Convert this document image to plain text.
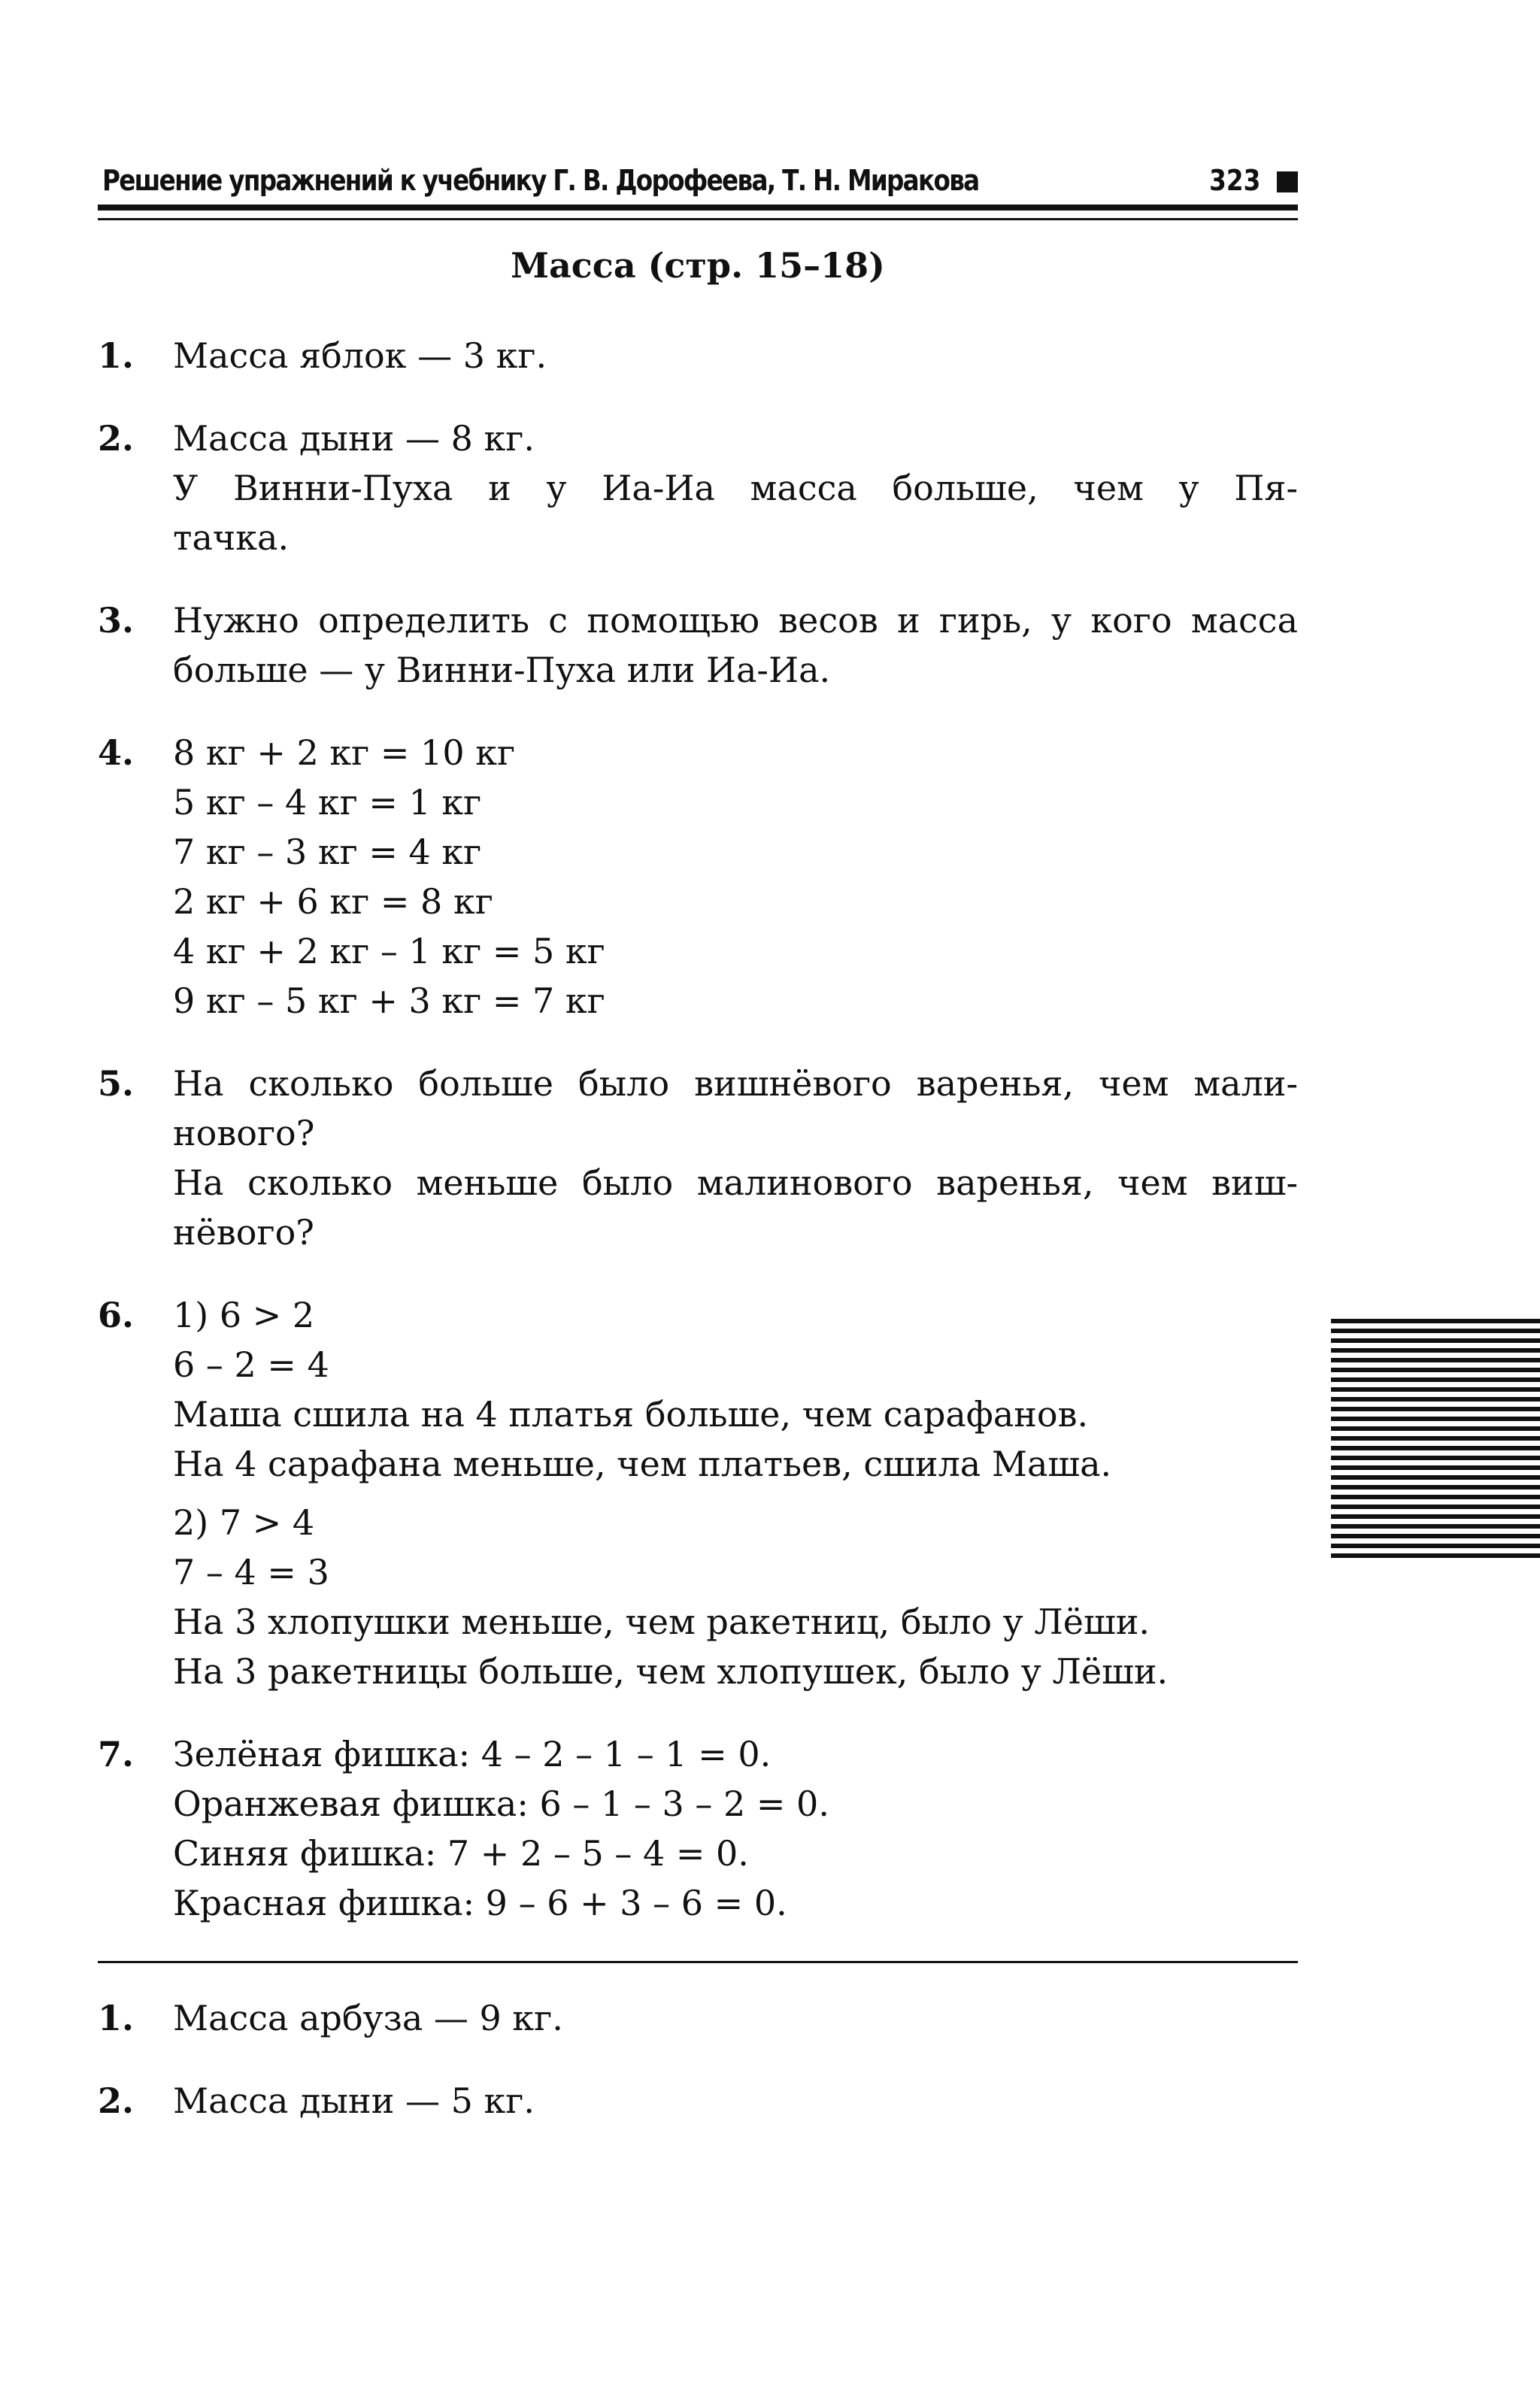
Решение упражнений к учебнику Г. В. Дорофеева, Т. Н. Миракова	323
Масса (стр. 15–18)
1. Масса яблок — 3 кг.
2. Масса дыни — 8 кг.
У Винни-Пуха и у Иа-Иа масса больше, чем у Пя-
тачка.
3. Нужно определить с помощью весов и гирь, у кого масса
больше — у Винни-Пуха или Иа-Иа.
4. 8 кг + 2 кг = 10 кг
5 кг – 4 кг = 1 кг
7 кг – 3 кг = 4 кг
2 кг + 6 кг = 8 кг
4 кг + 2 кг – 1 кг = 5 кг
9 кг – 5 кг + 3 кг = 7 кг
5. На сколько больше было вишнёвого варенья, чем мали-
нового?
На сколько меньше было малинового варенья, чем виш-
нёвого?
6. 1) 6 > 2
6 – 2 = 4
Маша сшила на 4 платья больше, чем сарафанов.
На 4 сарафана меньше, чем платьев, сшила Маша.
2) 7 > 4
7 – 4 = 3
На 3 хлопушки меньше, чем ракетниц, было у Лёши.
На 3 ракетницы больше, чем хлопушек, было у Лёши.
7. Зелёная фишка: 4 – 2 – 1 – 1 = 0.
Оранжевая фишка: 6 – 1 – 3 – 2 = 0.
Синяя фишка: 7 + 2 – 5 – 4 = 0.
Красная фишка: 9 – 6 + 3 – 6 = 0.
1. Масса арбуза — 9 кг.
2. Масса дыни — 5 кг.
